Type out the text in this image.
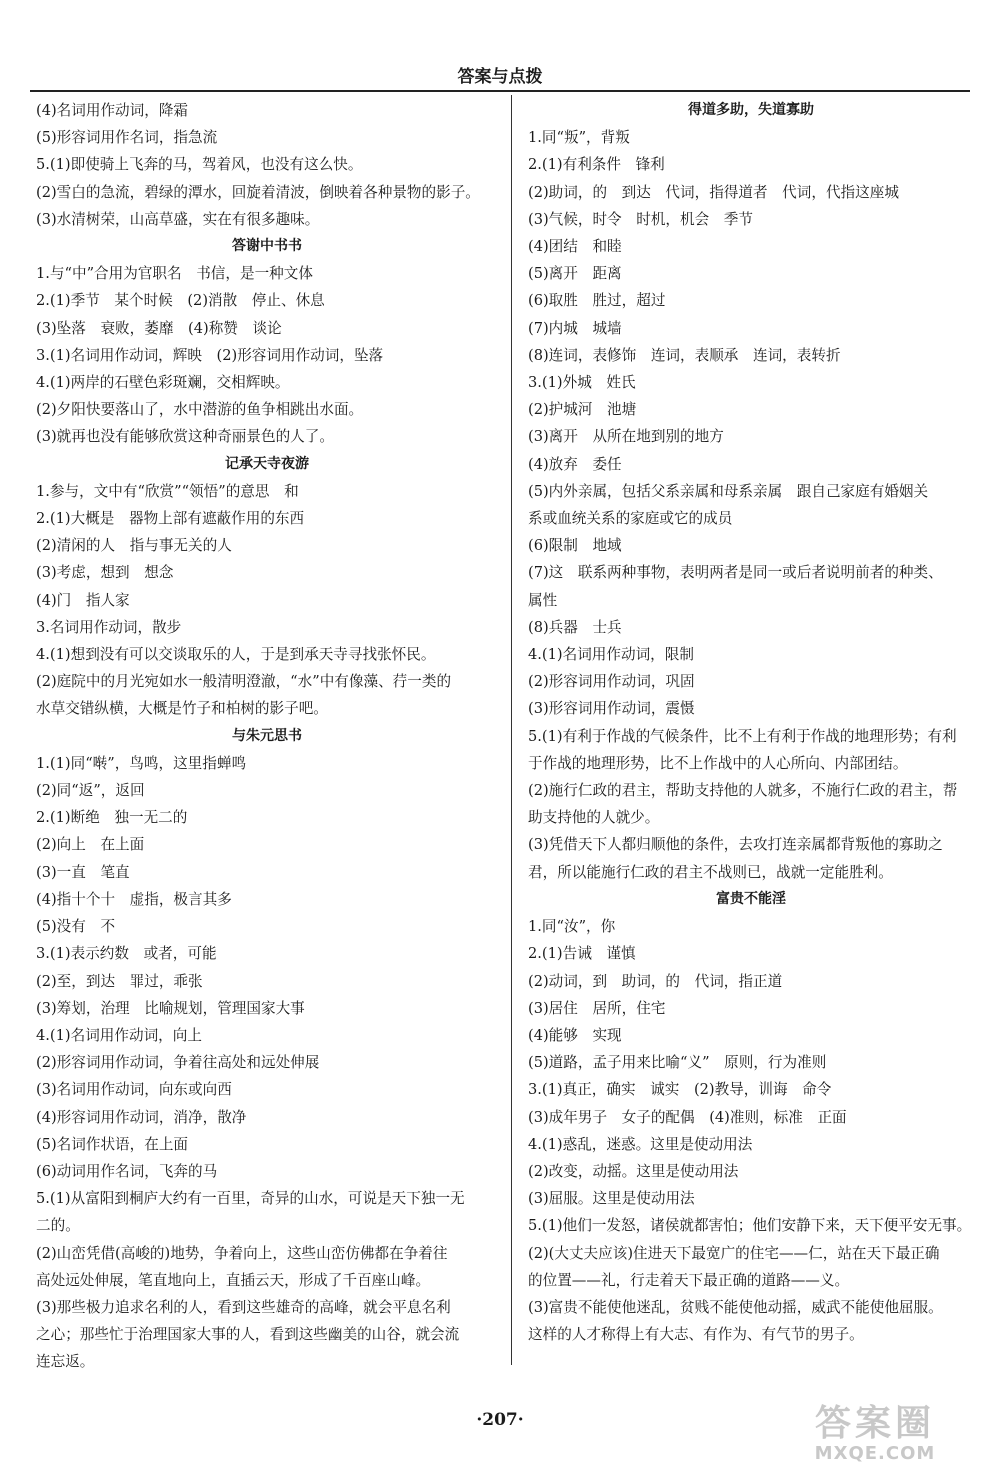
答案与点拨
(4)名词用作动词，降霜
(5)形容词用作名词，指急流
5.(1)即使骑上飞奔的马，驾着风，也没有这么快。
(2)雪白的急流，碧绿的潭水，回旋着清波，倒映着各种景物的影子。
(3)水清树荣，山高草盛，实在有很多趣味。
答谢中书书
1.与“中”合用为官职名　书信，是一种文体
2.(1)季节　某个时候　(2)消散　停止、休息
(3)坠落　衰败，萎靡　(4)称赞　谈论
3.(1)名词用作动词，辉映　(2)形容词用作动词，坠落
4.(1)两岸的石壁色彩斑斓，交相辉映。
(2)夕阳快要落山了，水中潜游的鱼争相跳出水面。
(3)就再也没有能够欣赏这种奇丽景色的人了。
记承天寺夜游
1.参与，文中有“欣赏”“领悟”的意思　和
2.(1)大概是　器物上部有遮蔽作用的东西
(2)清闲的人　指与事无关的人
(3)考虑，想到　想念
(4)门　指人家
3.名词用作动词，散步
4.(1)想到没有可以交谈取乐的人，于是到承天寺寻找张怀民。
(2)庭院中的月光宛如水一般清明澄澈，“水”中有像藻、荇一类的
水草交错纵横，大概是竹子和柏树的影子吧。
与朱元思书
1.(1)同“啭”，鸟鸣，这里指蝉鸣
(2)同“返”，返回
2.(1)断绝　独一无二的
(2)向上　在上面
(3)一直　笔直
(4)指十个十　虚指，极言其多
(5)没有　不
3.(1)表示约数　或者，可能
(2)至，到达　罪过，乖张
(3)筹划，治理　比喻规划，管理国家大事
4.(1)名词用作动词，向上
(2)形容词用作动词，争着往高处和远处伸展
(3)名词用作动词，向东或向西
(4)形容词用作动词，消净，散净
(5)名词作状语，在上面
(6)动词用作名词，飞奔的马
5.(1)从富阳到桐庐大约有一百里，奇异的山水，可说是天下独一无
二的。
(2)山峦凭借(高峻的)地势，争着向上，这些山峦仿佛都在争着往
高处远处伸展，笔直地向上，直插云天，形成了千百座山峰。
(3)那些极力追求名利的人，看到这些雄奇的高峰，就会平息名利
之心；那些忙于治理国家大事的人，看到这些幽美的山谷，就会流
连忘返。
得道多助，失道寡助
1.同“叛”，背叛
2.(1)有利条件　锋利
(2)助词，的　到达　代词，指得道者　代词，代指这座城
(3)气候，时令　时机，机会　季节
(4)团结　和睦
(5)离开　距离
(6)取胜　胜过，超过
(7)内城　城墙
(8)连词，表修饰　连词，表顺承　连词，表转折
3.(1)外城　姓氏
(2)护城河　池塘
(3)离开　从所在地到别的地方
(4)放弃　委任
(5)内外亲属，包括父系亲属和母系亲属　跟自己家庭有婚姻关
系或血统关系的家庭或它的成员
(6)限制　地域
(7)这　联系两种事物，表明两者是同一或后者说明前者的种类、
属性
(8)兵器　士兵
4.(1)名词用作动词，限制
(2)形容词用作动词，巩固
(3)形容词用作动词，震慑
5.(1)有利于作战的气候条件，比不上有利于作战的地理形势；有利
于作战的地理形势，比不上作战中的人心所向、内部团结。
(2)施行仁政的君主，帮助支持他的人就多，不施行仁政的君主，帮
助支持他的人就少。
(3)凭借天下人都归顺他的条件，去攻打连亲属都背叛他的寡助之
君，所以能施行仁政的君主不战则已，战就一定能胜利。
富贵不能淫
1.同“汝”，你
2.(1)告诫　谨慎
(2)动词，到　助词，的　代词，指正道
(3)居住　居所，住宅
(4)能够　实现
(5)道路，孟子用来比喻“义”　原则，行为准则
3.(1)真正，确实　诚实　(2)教导，训诲　命令
(3)成年男子　女子的配偶　(4)准则，标准　正面
4.(1)惑乱，迷惑。这里是使动用法
(2)改变，动摇。这里是使动用法
(3)屈服。这里是使动用法
5.(1)他们一发怒，诸侯就都害怕；他们安静下来，天下便平安无事。
(2)(大丈夫应该)住进天下最宽广的住宅——仁，站在天下最正确
的位置——礼，行走着天下最正确的道路——义。
(3)富贵不能使他迷乱，贫贱不能使他动摇，威武不能使他屈服。
这样的人才称得上有大志、有作为、有气节的男子。
·207·	答案圈
MXQE.COM
